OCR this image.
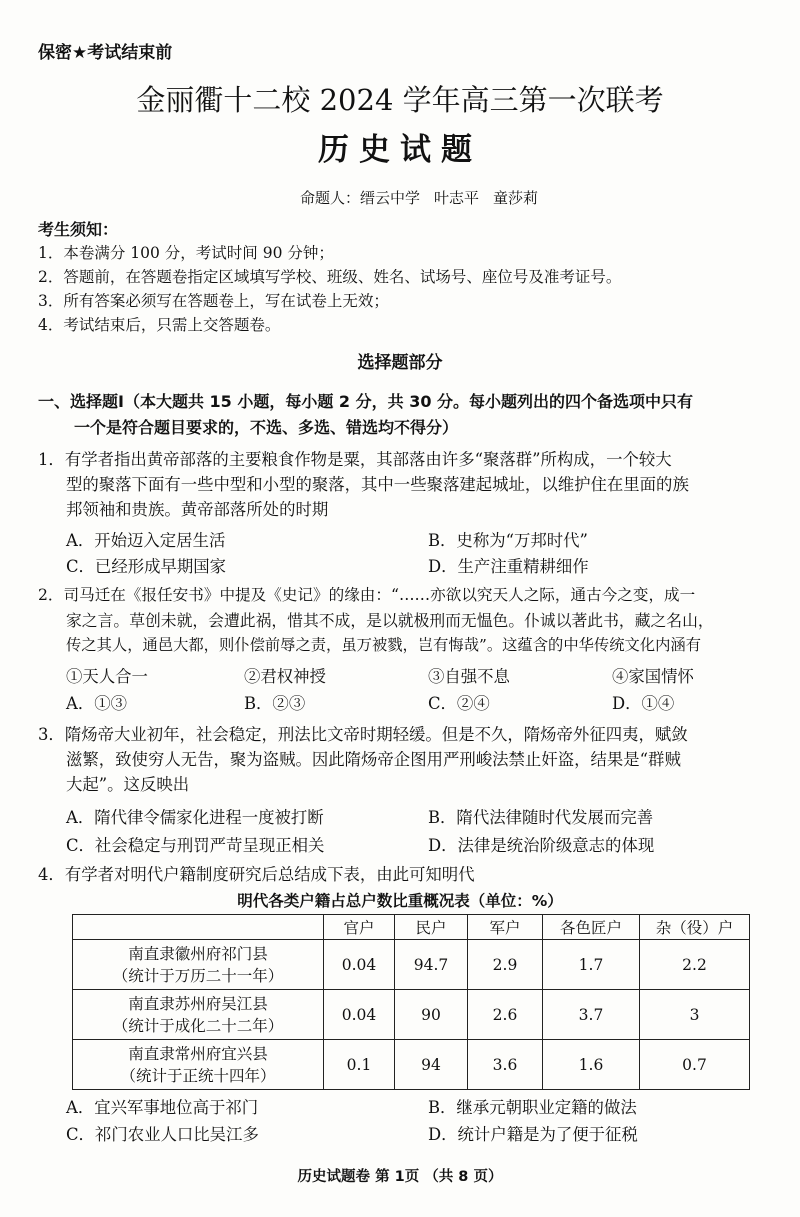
保密★考试结束前
金丽衢十二校 2024 学年高三第一次联考
历史试题
命题人：缙云中学 叶志平 童莎莉
考生须知：
1．本卷满分 100 分，考试时间 90 分钟；
2．答题前，在答题卷指定区域填写学校、班级、姓名、试场号、座位号及准考证号。
3．所有答案必须写在答题卷上，写在试卷上无效；
4．考试结束后，只需上交答题卷。
选择题部分
一、选择题Ⅰ（本大题共 15 小题，每小题 2 分，共 30 分。每小题列出的四个备选项中只有
一个是符合题目要求的，不选、多选、错选均不得分）
1．有学者指出黄帝部落的主要粮食作物是粟，其部落由许多“聚落群”所构成，一个较大
型的聚落下面有一些中型和小型的聚落，其中一些聚落建起城址，以维护住在里面的族
邦领袖和贵族。黄帝部落所处的时期
A．开始迈入定居生活	B．史称为“万邦时代”
C．已经形成早期国家	D．生产注重精耕细作
2．司马迁在《报任安书》中提及《史记》的缘由：“……亦欲以究天人之际，通古今之变，成一
家之言。草创未就，会遭此祸，惜其不成，是以就极刑而无愠色。仆诚以著此书，藏之名山，
传之其人，通邑大都，则仆偿前辱之责，虽万被戮，岂有悔哉”。这蕴含的中华传统文化内涵有
①天人合一	②君权神授	③自强不息	④家国情怀
A．①③	B．②③	C．②④	D．①④
3．隋炀帝大业初年，社会稳定，刑法比文帝时期轻缓。但是不久，隋炀帝外征四夷，赋敛
滋繁，致使穷人无告，聚为盗贼。因此隋炀帝企图用严刑峻法禁止奸盗，结果是“群贼
大起”。这反映出
A．隋代律令儒家化进程一度被打断	B．隋代法律随时代发展而完善
C．社会稳定与刑罚严苛呈现正相关	D．法律是统治阶级意志的体现
4．有学者对明代户籍制度研究后总结成下表，由此可知明代
明代各类户籍占总户数比重概况表（单位：%）
	官户	民户	军户	各色匠户	杂（役）户

南直隶徽州府祁门县
（统计于万历二十一年）	0.04	94.7	2.9	1.7	2.2

南直隶苏州府吴江县
（统计于成化二十二年）	0.04	90	2.6	3.7	3

南直隶常州府宜兴县
（统计于正统十四年）	0.1	94	3.6	1.6	0.7
A．宜兴军事地位高于祁门	B．继承元朝职业定籍的做法
C．祁门农业人口比吴江多	D．统计户籍是为了便于征税
历史试题卷 第 1页 （共 8 页）
